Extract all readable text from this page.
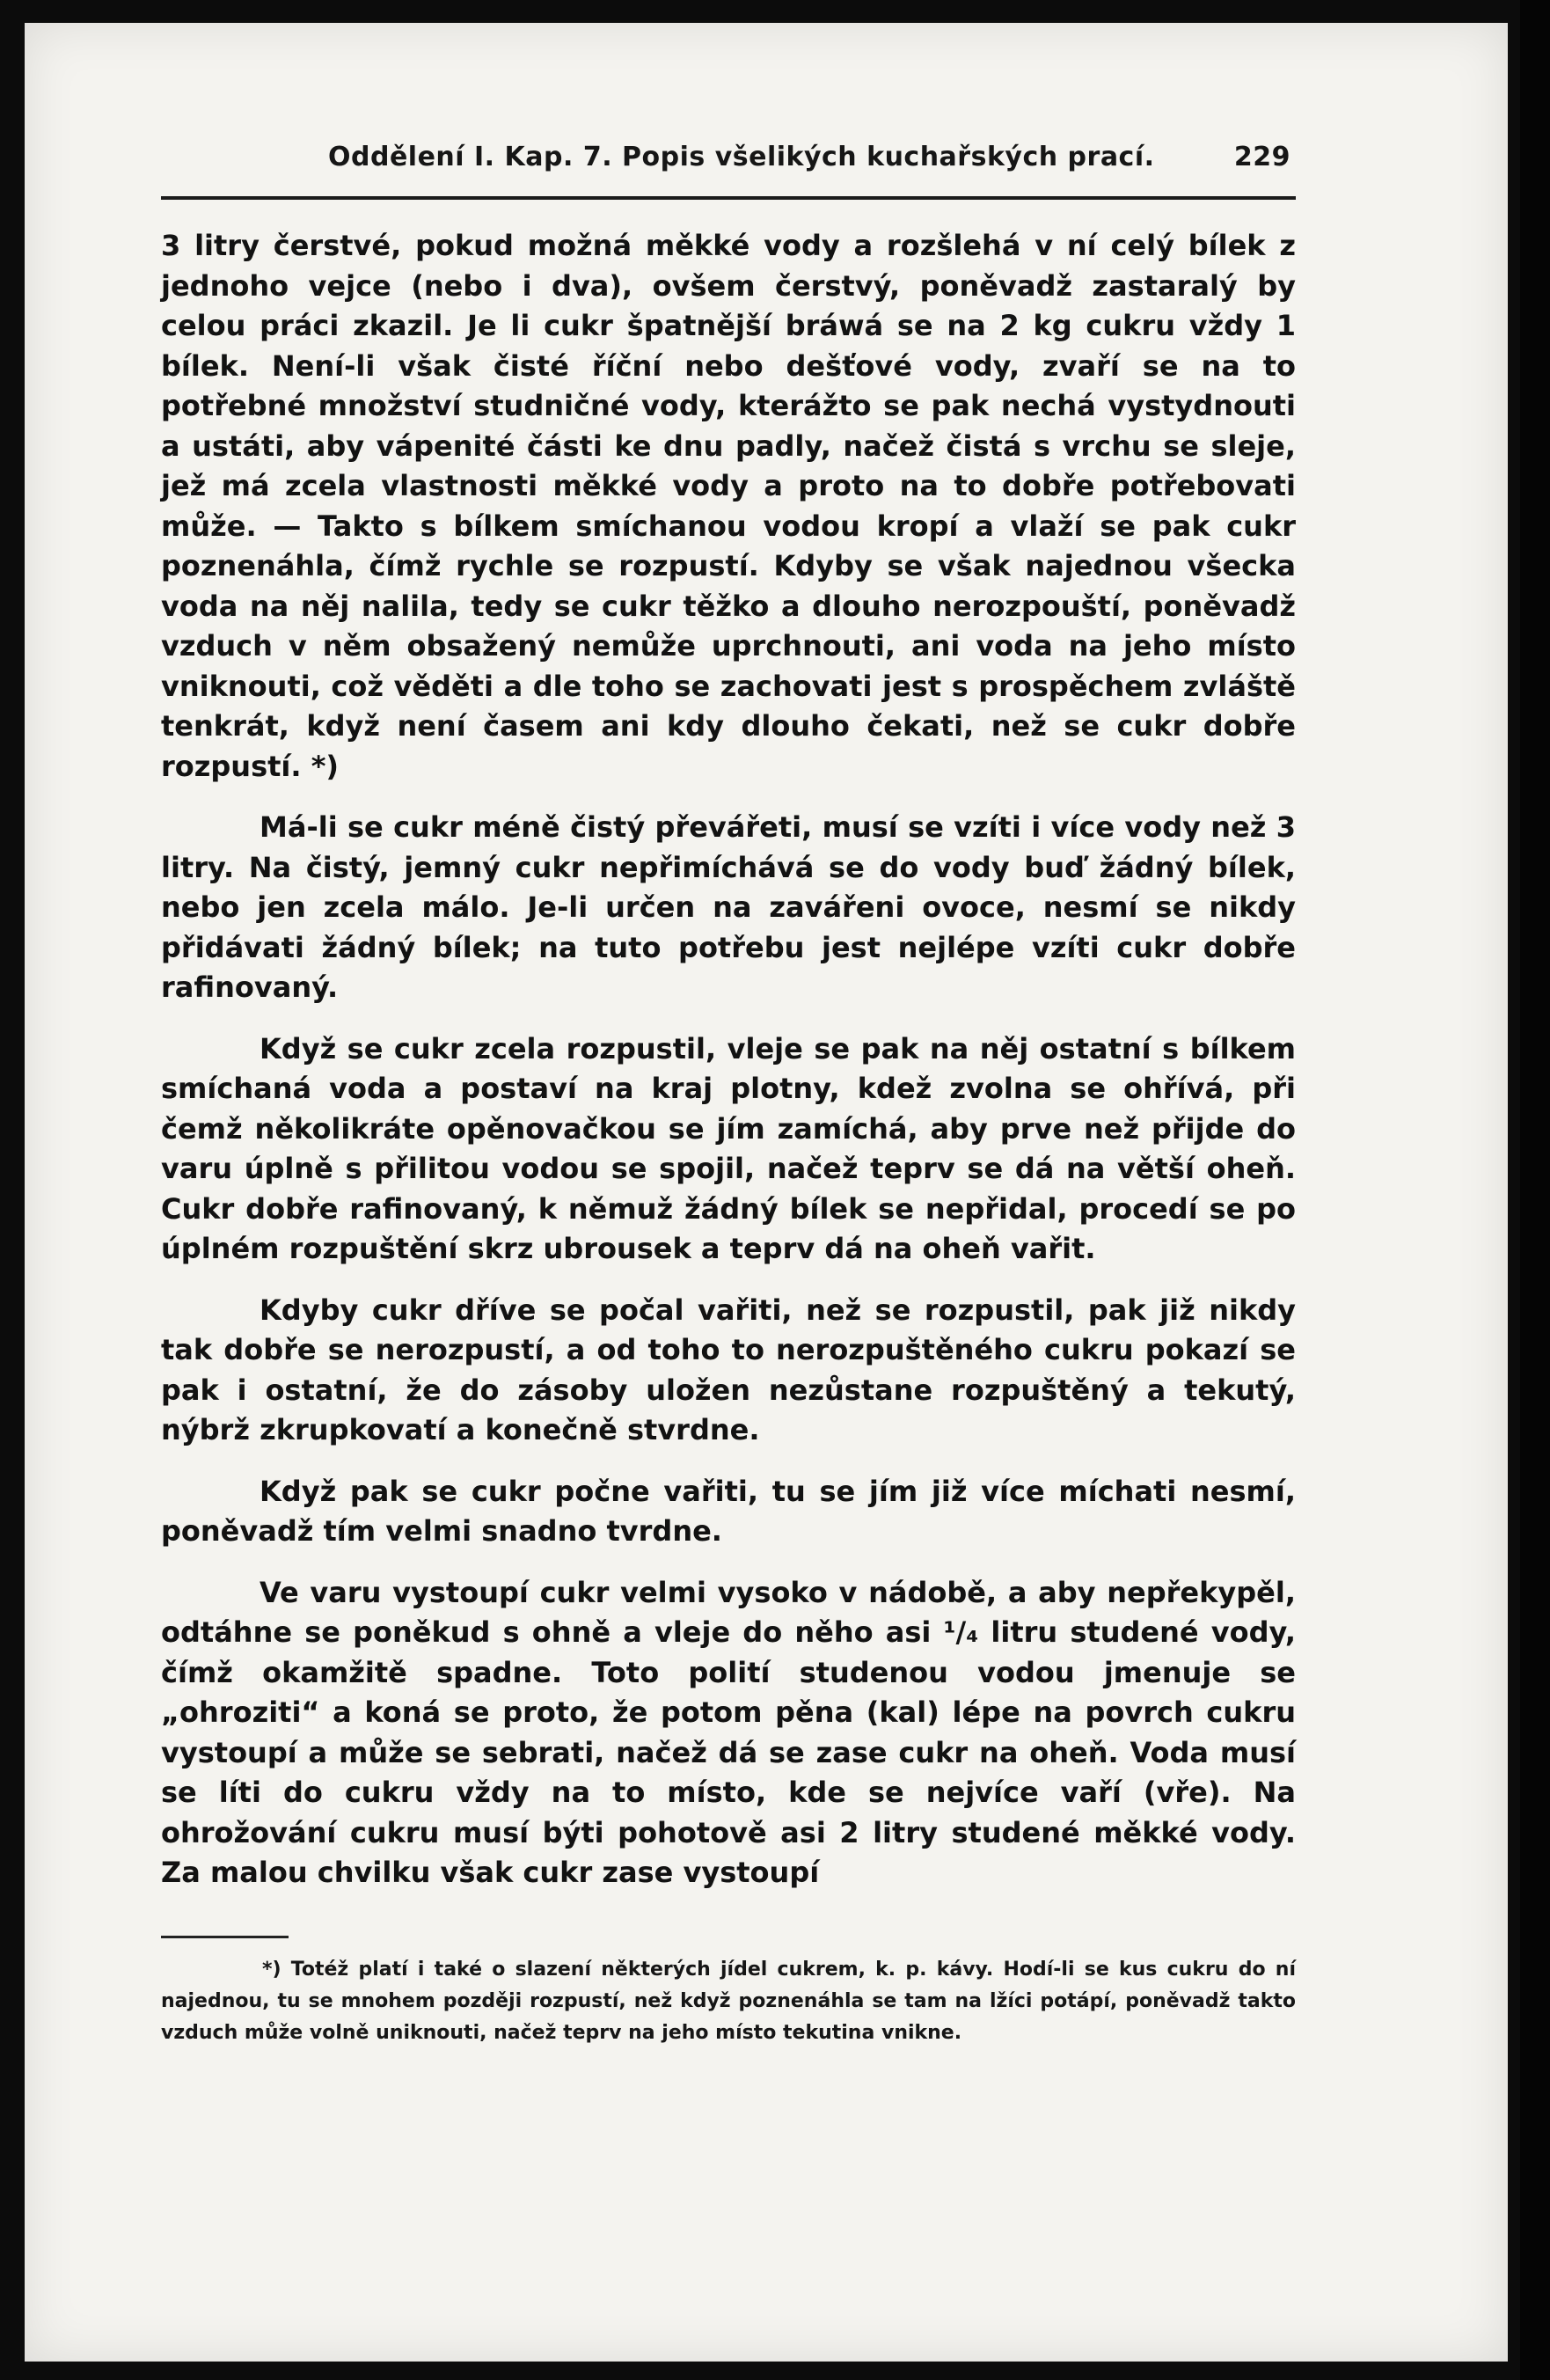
Oddělení I. Kap. 7. Popis všelikých kuchařských prací.	229

3 litry čerstvé, pokud možná měkké vody a rozšlehá v ní celý bílek z jednoho vejce (nebo i dva), ovšem čerstvý, poněvadž zastaralý by celou práci zkazil. Je li cukr špatnější bráwá se na 2 kg cukru vždy 1 bílek. Není-li však čisté říční nebo dešťové vody, zvaří se na to potřebné množství studničné vody, kterážto se pak nechá vystydnouti a ustáti, aby vápenité části ke dnu padly, načež čistá s vrchu se sleje, jež má zcela vlastnosti měkké vody a proto na to dobře potřebovati může. — Takto s bílkem smíchanou vodou kropí a vlaží se pak cukr poznenáhla, čímž rychle se rozpustí. Kdyby se však najednou všecka voda na něj nalila, tedy se cukr těžko a dlouho nerozpouští, poněvadž vzduch v něm obsažený nemůže uprchnouti, ani voda na jeho místo vniknouti, což věděti a dle toho se zachovati jest s prospěchem zvláště tenkrát, když není časem ani kdy dlouho čekati, než se cukr dobře rozpustí. *)

Má-li se cukr méně čistý převářeti, musí se vzíti i více vody než 3 litry. Na čistý, jemný cukr nepřimíchává se do vody buď žádný bílek, nebo jen zcela málo. Je-li určen na zavářeni ovoce, nesmí se nikdy přidávati žádný bílek; na tuto potřebu jest nejlépe vzíti cukr dobře rafinovaný.

Když se cukr zcela rozpustil, vleje se pak na něj ostatní s bílkem smíchaná voda a postaví na kraj plotny, kdež zvolna se ohřívá, při čemž několikráte opěnovačkou se jím zamíchá, aby prve než přijde do varu úplně s přilitou vodou se spojil, načež teprv se dá na větší oheň. Cukr dobře rafinovaný, k němuž žádný bílek se nepřidal, procedí se po úplném rozpuštění skrz ubrousek a teprv dá na oheň vařit.

Kdyby cukr dříve se počal vařiti, než se rozpustil, pak již nikdy tak dobře se nerozpustí, a od toho to nerozpuštěného cukru pokazí se pak i ostatní, že do zásoby uložen nezůstane rozpuštěný a tekutý, nýbrž zkrupkovatí a konečně stvrdne.

Když pak se cukr počne vařiti, tu se jím již více míchati nesmí, poněvadž tím velmi snadno tvrdne.

Ve varu vystoupí cukr velmi vysoko v nádobě, a aby nepřekypěl, odtáhne se poněkud s ohně a vleje do něho asi ¹/₄ litru studené vody, čímž okamžitě spadne. Toto polití studenou vodou jmenuje se „ohroziti“ a koná se proto, že potom pěna (kal) lépe na povrch cukru vystoupí a může se sebrati, načež dá se zase cukr na oheň. Voda musí se líti do cukru vždy na to místo, kde se nejvíce vaří (vře). Na ohrožování cukru musí býti pohotově asi 2 litry studené měkké vody. Za malou chvilku však cukr zase vystoupí

*) Totéž platí i také o slazení některých jídel cukrem, k. p. kávy. Hodí-li se kus cukru do ní najednou, tu se mnohem později rozpustí, než když poznenáhla se tam na lžíci potápí, poněvadž takto vzduch může volně uniknouti, načež teprv na jeho místo tekutina vnikne.
